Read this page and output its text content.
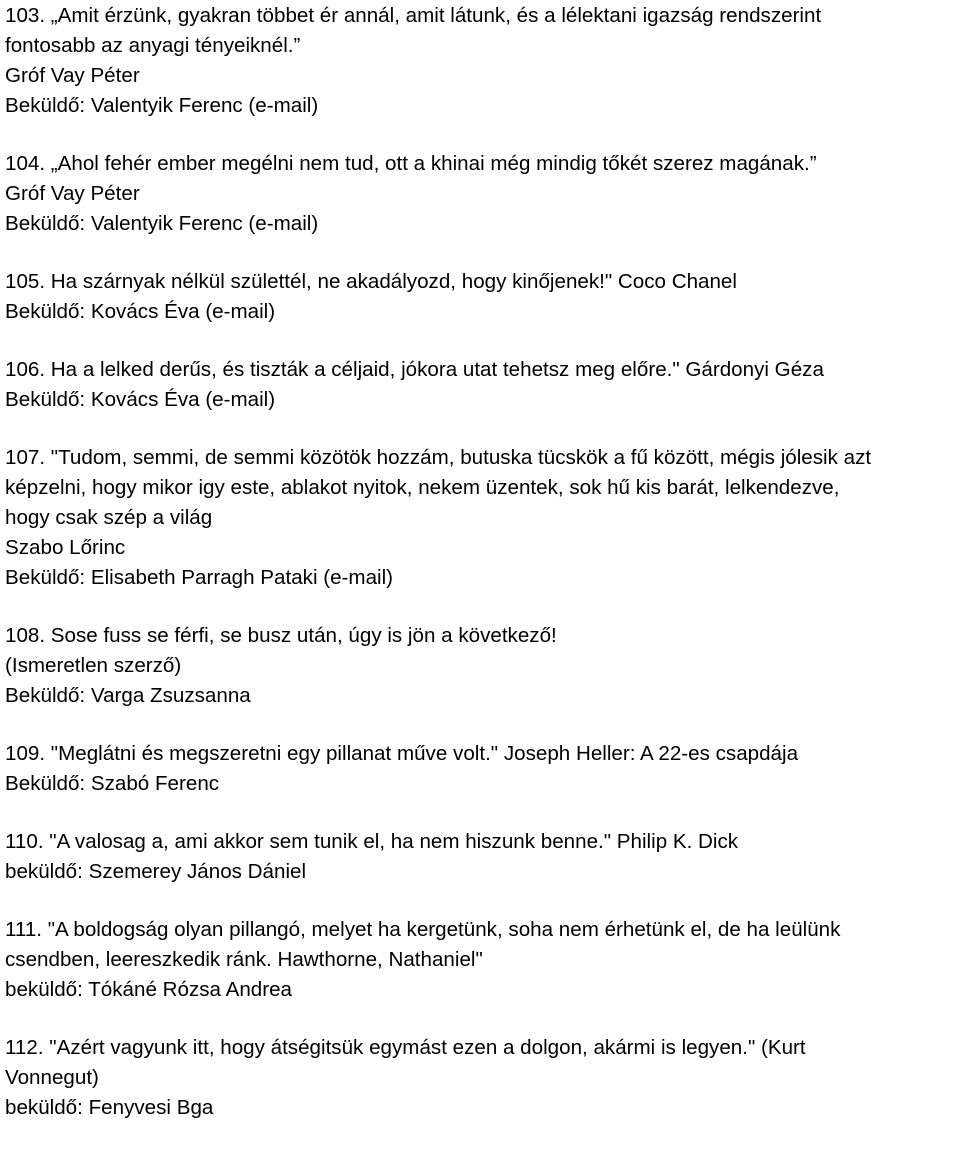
103. „Amit érzünk, gyakran többet ér annál, amit látunk, és a lélektani igazság rendszerint
fontosabb az anyagi tényeiknél.”
Gróf Vay Péter
Beküldő: Valentyik Ferenc (e-mail)
104. „Ahol fehér ember megélni nem tud, ott a khinai még mindig tőkét szerez magának.”
Gróf Vay Péter
Beküldő: Valentyik Ferenc (e-mail)
105. Ha szárnyak nélkül születtél, ne akadályozd, hogy kinőjenek!" Coco Chanel
Beküldő: Kovács Éva (e-mail)
106. Ha a lelked derűs, és tiszták a céljaid, jókora utat tehetsz meg előre." Gárdonyi Géza
Beküldő: Kovács Éva (e-mail)
107. "Tudom, semmi, de semmi közötök hozzám, butuska tücskök a fű között, mégis jólesik azt
képzelni, hogy mikor igy este, ablakot nyitok, nekem üzentek, sok hű kis barát, lelkendezve,
hogy csak szép a világ
Szabo Lőrinc
Beküldő: Elisabeth Parragh Pataki (e-mail)
108. Sose fuss se férfi, se busz után, úgy is jön a következő!
(Ismeretlen szerző)
Beküldő: Varga Zsuzsanna
109. "Meglátni és megszeretni egy pillanat műve volt." Joseph Heller: A 22-es csapdája
Beküldő: Szabó Ferenc
110. "A valosag a, ami akkor sem tunik el, ha nem hiszunk benne." Philip K. Dick
beküldő: Szemerey János Dániel
111. "A boldogság olyan pillangó, melyet ha kergetünk, soha nem érhetünk el, de ha leülünk
csendben, leereszkedik ránk. Hawthorne, Nathaniel"
beküldő: Tókáné Rózsa Andrea
112. "Azért vagyunk itt, hogy átségitsük egymást ezen a dolgon, akármi is legyen." (Kurt
Vonnegut)
beküldő: Fenyvesi Bga
